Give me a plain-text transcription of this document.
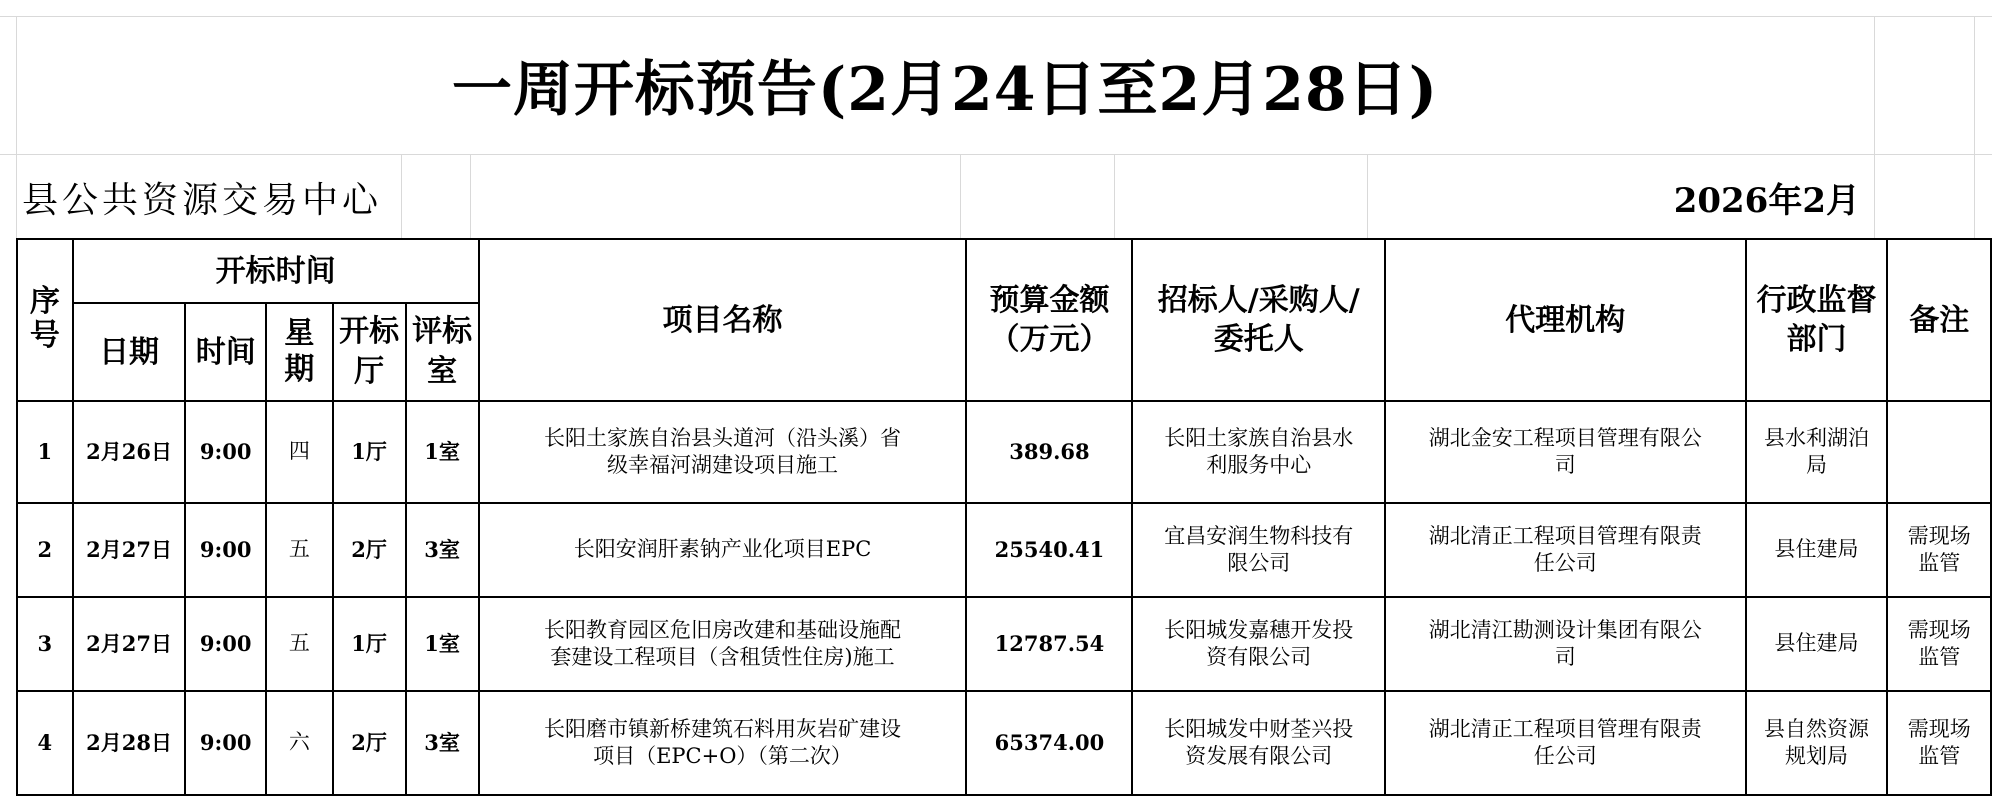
一周开标预告(2月24日至2月28日)
县公共资源交易中心	2026年2月
序号	开标时间					项目名称	预算金额（万元）	招标人/采购人/委托人	代理机构	行政监督部门	备注
	日期	时间	星期	开标厅	评标室						
1	2月26日	9:00	四	1厅	1室	长阳土家族自治县头道河（沿头溪）省级幸福河湖建设项目施工	389.68	长阳土家族自治县水利服务中心	湖北金安工程项目管理有限公司	县水利湖泊局	
2	2月27日	9:00	五	2厅	3室	长阳安润肝素钠产业化项目EPC	25540.41	宜昌安润生物科技有限公司	湖北清正工程项目管理有限责任公司	县住建局	需现场监管
3	2月27日	9:00	五	1厅	1室	长阳教育园区危旧房改建和基础设施配套建设工程项目（含租赁性住房)施工	12787.54	长阳城发嘉穗开发投资有限公司	湖北清江勘测设计集团有限公司	县住建局	需现场监管
4	2月28日	9:00	六	2厅	3室	长阳磨市镇新桥建筑石料用灰岩矿建设项目（EPC+O）（第二次）	65374.00	长阳城发中财荃兴投资发展有限公司	湖北清正工程项目管理有限责任公司	县自然资源规划局	需现场监管
